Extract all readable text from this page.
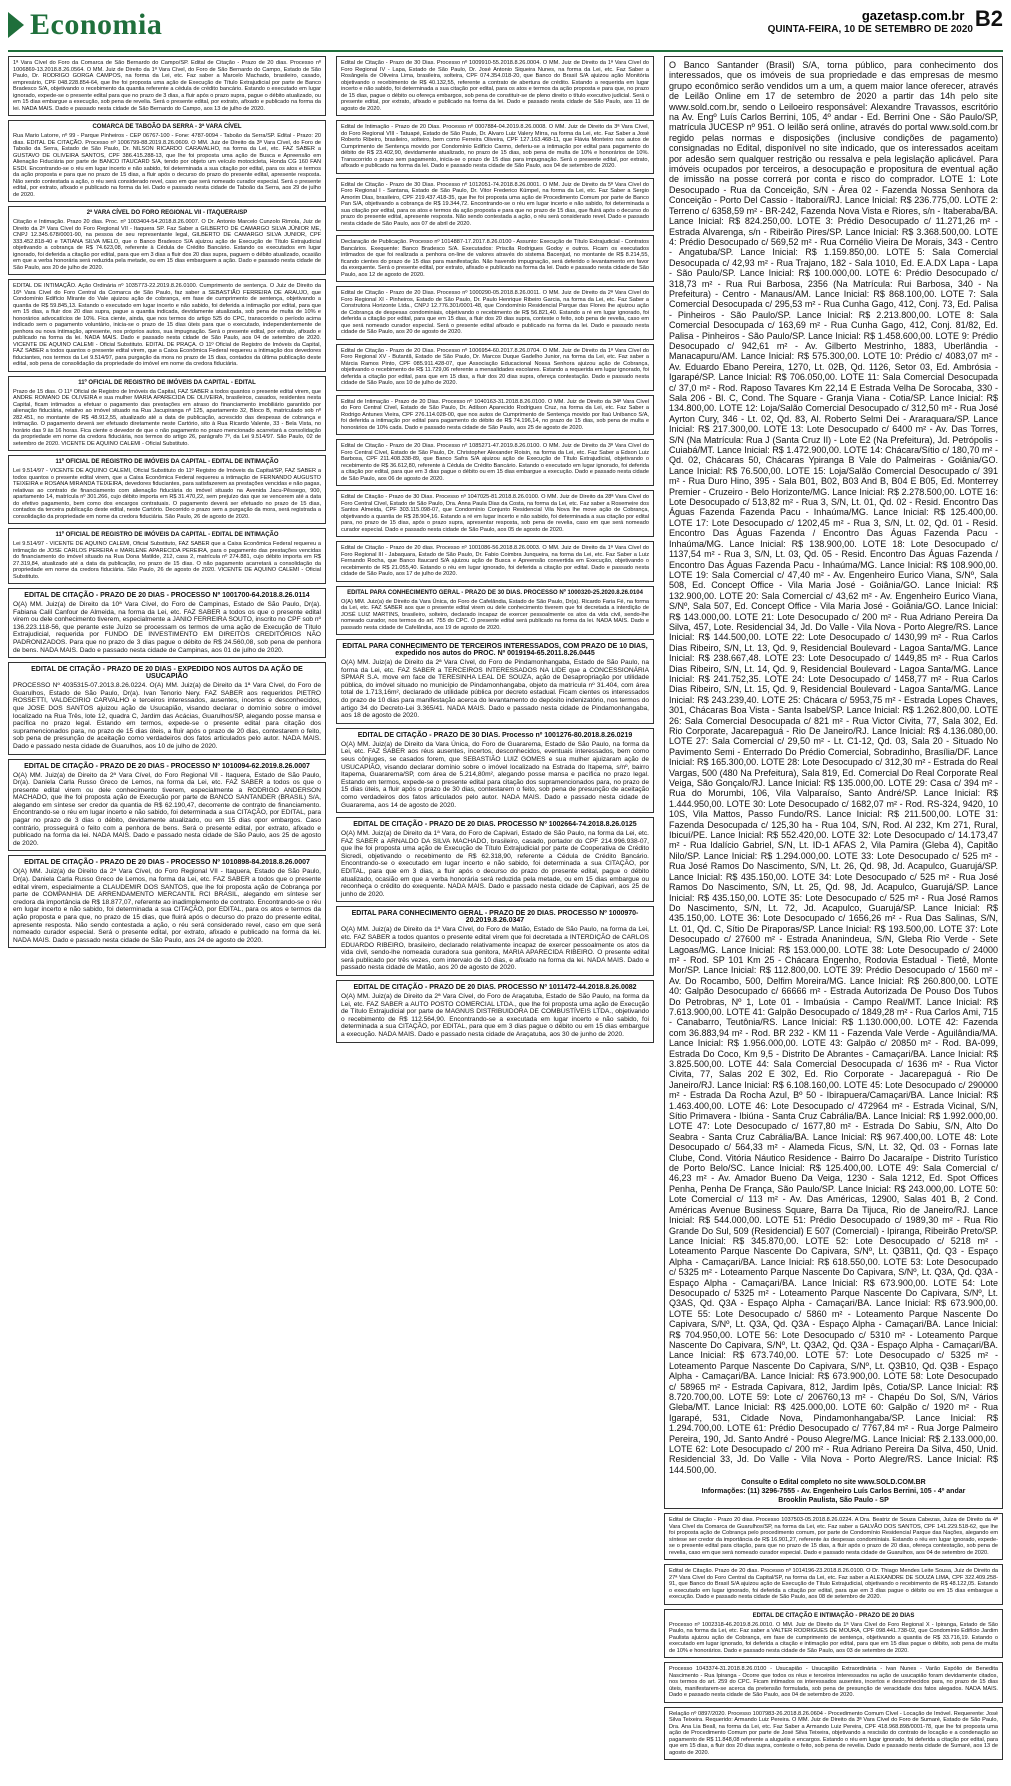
Economia	gazetasp.com.br B2
QUINTA-FEIRA, 10 DE SETEMBRO DE 2020

1ª Vara Cível do Foro da Comarca de São Bernardo do Campo/SP. Edital de Citação - Prazo de 20 dias. Processo nº 1006869-13.2018.8.26.0564. O MM. Juiz de Direito da 1ª Vara Cível, do Foro de São Bernardo do Campo, Estado de São Paulo, Dr. RODRIGO GORGA CAMPOS, na forma da Lei, etc. Faz saber a Marcelo Machado, brasileiro, casado, empresário, CPF 048.228.854-64, que lhe foi proposta uma ação de Execução de Título Extrajudicial por parte de Banco Bradesco S/A, objetivando o recebimento da quantia referente a cédula de crédito bancário. Estando o executado em lugar ignorado, expede-se o presente edital para que no prazo de 3 dias, a fluir após o prazo supra, pague o débito atualizado, ou em 15 dias embargue a execução, sob pena de revelia. Será o presente edital, por extrato, afixado e publicado na forma da lei. NADA MAIS. Dado e passado nesta cidade de São Bernardo do Campo, aos 13 de julho de 2020.

COMARCA DE TABOÃO DA SERRA - 3ª VARA CÍVEL

Rua Mario Latorre, nº 99 - Parque Pinheiros - CEP 06767-100 - Fone: 4787-9094 - Taboão da Serra/SP. Edital - Prazo: 20 dias. EDITAL DE CITAÇÃO. Processo nº 1006799-88.2019.8.26.0609. O MM. Juiz de Direito da 3ª Vara Cível, do Foro de Taboão da Serra, Estado de São Paulo, Dr. NILSON RICARDO CARAVALHO, na forma da Lei, etc. FAZ SABER a GUSTAVO DE OLIVEIRA SANTOS, CPF 386.415.288-13, que lhe foi proposta uma ação de Busca e Apreensão em Alienação Fiduciária por parte de BANCO ITAUCARD S/A, tendo por objeto um veículo motocicleta, Honda CG 160 FAN ESDI. Encontrando-se o réu em lugar incerto e não sabido, foi determinada a sua citação por edital, para os atos e termos da ação proposta e para que no prazo de 15 dias, a fluir após o decurso do prazo do presente edital, apresente resposta. Não sendo contestada a ação, o réu será considerado revel, caso em que será nomeado curador especial. Será o presente edital, por extrato, afixado e publicado na forma da lei. Dado e passado nesta cidade de Taboão da Serra, aos 29 de julho de 2020.

2ª VARA CÍVEL DO FORO REGIONAL VII - ITAQUERA/SP

Citação e Intimação. Prazo 20 dias. Proc. nº 1003404-54.2018.8.26.0007. O Dr. Antonio Marcelo Cunzolo Rimola, Juiz de Direito da 2ª Vara Cível do Foro Regional VII - Itaquera SP. Faz Saber a GILBERTO DE CAMARGO SILVA JÚNIOR ME, CNPJ 12.345.678/0001-90, na pessoa de seu representante legal, GILBERTO DE CAMARGO SILVA JUNIOR, CPF 333.452.818-40 e TATIANA SILVA MELO, que o Banco Bradesco S/A ajuizou ação de Execução de Título Extrajudicial objetivando a cobrança de R$ 74.623,08, referente à Cédula de Crédito Bancário. Estando os executados em lugar ignorado, foi deferida a citação por edital, para que em 3 dias a fluir dos 20 dias supra, paguem o débito atualizado, ocasião em que a verba honorária será reduzida pela metade, ou em 15 dias embarguem a ação. Dado e passado nesta cidade de São Paulo, aos 20 de julho de 2020.

EDITAL DE INTIMAÇÃO. Ação Ordinária nº 1035773-22.2019.8.26.0100. Cumprimento de sentença. O Juiz de Direito da 16ª Vara Cível do Foro Central da Comarca de São Paulo, faz saber a SEBASTIÃO FERREIRA DE ARAUJO, que Condomínio Edifício Mirante do Vale ajuizou ação de cobrança, em fase de cumprimento de sentença, objetivando a quantia de R$ 59.845,13. Estando o executado em lugar incerto e não sabido, foi deferida a intimação por edital, para que em 15 dias, a fluir dos 20 dias supra, pague a quantia indicada, devidamente atualizada, sob pena de multa de 10% e honorários advocatícios de 10%. Fica ciente, ainda, que nos termos do artigo 525 do CPC, transcorrido o período acima indicado sem o pagamento voluntário, inicia-se o prazo de 15 dias úteis para que o executado, independentemente de penhora ou nova intimação, apresente, nos próprios autos, sua impugnação. Será o presente edital, por extrato, afixado e publicado na forma da lei. NADA MAIS. Dado e passado nesta cidade de São Paulo, aos 04 de setembro de 2020. VICENTE DE AQUINO CALEMI - Oficial Substituto. EDITAL DE PRAÇA. O 11º Oficial de Registro de Imóveis da Capital, FAZ SABER a todos quantos o presente edital virem, que a Caixa Econômica Federal requereu a intimação dos devedores fiduciantes, nos termos da Lei 9.514/97, para purgação da mora no prazo de 15 dias, contados da última publicação deste edital, sob pena de consolidação da propriedade do imóvel em nome da credora fiduciária.

11º OFICIAL DE REGISTRO DE IMÓVEIS DA CAPITAL - EDITAL

Prazo de 15 dias. O 11º Oficial de Registro de Imóveis da Capital, FAZ SABER a todos quantos o presente edital virem, que ANDRE ROMANO DE OLIVEIRA e sua mulher MARIA APARECIDA DE OLIVEIRA, brasileiros, casados, residentes nesta Capital, ficam intimados a efetuar o pagamento das prestações em atraso do financiamento imobiliário garantido por alienação fiduciária, relativo ao imóvel situado na Rua Jacupiranga nº 125, apartamento 32, Bloco B, matriculado sob nº 282.451, no montante de R$ 48.912,55, atualizado até a data de publicação, acrescido das despesas de cobrança e intimação. O pagamento deverá ser efetuado diretamente neste Cartório, sito à Rua Ricardo Valente, 33 - Bela Vista, no horário das 9 às 16 horas. Fica ciente o devedor de que o não pagamento no prazo mencionado acarretará a consolidação da propriedade em nome da credora fiduciária, nos termos do artigo 26, parágrafo 7º, da Lei 9.514/97. São Paulo, 02 de setembro de 2020. VICENTE DE AQUINO CALEMI - Oficial Substituto.

11º OFICIAL DE REGISTRO DE IMÓVEIS DA CAPITAL - EDITAL DE INTIMAÇÃO

Lei 9.514/97 - VICENTE DE AQUINO CALEMI, Oficial Substituto do 11º Registro de Imóveis da Capital/SP, FAZ SABER a todos quantos o presente edital virem, que a Caixa Econômica Federal requereu a intimação de FERNANDO AUGUSTO TEIXEIRA e ROSANA MIRANDA TEIXEIRA, devedores fiduciantes, para satisfazerem as prestações vencidas e não pagas, relativas ao contrato de financiamento com alienação fiduciária do imóvel situado na Avenida Jacu-Pêssego, 900, apartamento 14, matrícula nº 301.266, cujo débito importa em R$ 31.470,22, sem prejuízo das que se vencerem até a data do efetivo pagamento, bem como dos encargos contratuais. O pagamento deverá ser efetuado no prazo de 15 dias, contados da terceira publicação deste edital, neste Cartório. Decorrido o prazo sem a purgação da mora, será registrada a consolidação da propriedade em nome da credora fiduciária. São Paulo, 26 de agosto de 2020.

11º OFICIAL DE REGISTRO DE IMÓVEIS DA CAPITAL - EDITAL DE INTIMAÇÃO

Lei 9.514/97 - VICENTE DE AQUINO CALEMI, Oficial Substituto, FAZ SABER que a Caixa Econômica Federal requereu a intimação de JOSE CARLOS PEREIRA e MARLENE APARECIDA PEREIRA, para o pagamento das prestações vencidas do financiamento do imóvel situado na Rua Dona Matilde, 212, casa 2, matrícula nº 274.881, cujo débito importa em R$ 27.319,84, atualizado até a data da publicação, no prazo de 15 dias. O não pagamento acarretará a consolidação da propriedade em nome da credora fiduciária. São Paulo, 26 de agosto de 2020. VICENTE DE AQUINO CALEMI - Oficial Substituto.

EDITAL DE CITAÇÃO - PRAZO DE 20 DIAS - PROCESSO Nº 1001700-64.2018.8.26.0114

O(A) MM. Juiz(a) de Direito da 10ª Vara Cível, do Foro de Campinas, Estado de São Paulo, Dr(a). Fabiana Calil Canfour de Almeida, na forma da Lei, etc. FAZ SABER a todos os que o presente edital virem ou dele conhecimento tiverem, especialmente a JANIO FERREIRA SOUTO, inscrito no CPF sob nº 136.223.118-56, que perante este Juízo se processam os termos de uma ação de Execução de Título Extrajudicial, requerida por FUNDO DE INVESTIMENTO EM DIREITOS CREDITÓRIOS NÃO PADRONIZADOS. Para que no prazo de 3 dias pague o débito de R$ 24.560,08, sob pena de penhora de bens. NADA MAIS. Dado e passado nesta cidade de Campinas, aos 01 de julho de 2020.

EDITAL DE CITAÇÃO - PRAZO DE 20 DIAS - EXPEDIDO NOS AUTOS DA AÇÃO DE USUCAPIÃO

PROCESSO Nº 4035315-07.2013.8.26.0224. O(A) MM. Juiz(a) de Direito da 1ª Vara Cível, do Foro de Guarulhos, Estado de São Paulo, Dr(a). Ivan Tenorio Nery. FAZ SABER aos requeridos PIETRO ROSSETTI, VALDECIRIO CARVALHO e terceiros interessados, ausentes, incertos e desconhecidos, que JOSE DOS SANTOS ajuizou ação de Usucapião, visando declarar o domínio sobre o imóvel localizado na Rua Três, lote 12, quadra C, Jardim das Acácias, Guarulhos/SP, alegando posse mansa e pacífica no prazo legal. Estando em termos, expede-se o presente edital para citação dos supramencionados para, no prazo de 15 dias úteis, a fluir após o prazo de 20 dias, contestarem o feito, sob pena de presunção de aceitação como verdadeiros dos fatos articulados pelo autor. NADA MAIS. Dado e passado nesta cidade de Guarulhos, aos 10 de julho de 2020.

EDITAL DE CITAÇÃO - PRAZO DE 20 DIAS - PROCESSO Nº 1010094-62.2019.8.26.0007

O(A) MM. Juiz(a) de Direito da 2ª Vara Cível, do Foro Regional VII - Itaquera, Estado de São Paulo, Dr(a). Daniela Carla Russo Greco de Lemos, na forma da Lei, etc. FAZ SABER a todos os que o presente edital virem ou dele conhecimento tiverem, especialmente a RODRIGO ANDERSON MACHADO, que lhe foi proposta ação de Execução por parte de BANCO SANTANDER (BRASIL) S/A, alegando em síntese ser credor da quantia de R$ 62.190,47, decorrente de contrato de financiamento. Encontrando-se o réu em lugar incerto e não sabido, foi determinada a sua CITAÇÃO, por EDITAL, para pagar no prazo de 3 dias o débito, devidamente atualizado, ou em 15 dias opor embargos. Caso contrário, prosseguirá o feito com a penhora de bens. Será o presente edital, por extrato, afixado e publicado na forma da lei. NADA MAIS. Dado e passado nesta cidade de São Paulo, aos 25 de agosto de 2020.

EDITAL DE CITAÇÃO - PRAZO DE 20 DIAS - PROCESSO Nº 1010898-84.2018.8.26.0007

O(A) MM. Juiz(a) de Direito da 2ª Vara Cível, do Foro Regional VII - Itaquera, Estado de São Paulo, Dr(a). Daniela Carla Russo Greco de Lemos, na forma da Lei, etc. FAZ SABER a todos que o presente edital virem, especialmente a CLAUDEMIR DOS SANTOS, que lhe foi proposta ação de Cobrança por parte de COMPANHIA DE ARRENDAMENTO MERCANTIL RCI BRASIL, alegando em síntese ser credora da importância de R$ 18.877,07, referente ao inadimplemento de contrato. Encontrando-se o réu em lugar incerto e não sabido, foi determinada a sua CITAÇÃO, por EDITAL, para os atos e termos da ação proposta e para que, no prazo de 15 dias, que fluirá após o decurso do prazo do presente edital, apresente resposta. Não sendo contestada a ação, o réu será considerado revel, caso em que será nomeado curador especial. Será o presente edital, por extrato, afixado e publicado na forma da lei. NADA MAIS. Dado e passado nesta cidade de São Paulo, aos 24 de agosto de 2020.

Edital de Citação - Prazo de 30 Dias. Processo nº 1009910-55.2018.8.26.0004. O MM. Juiz de Direito da 1ª Vara Cível do Foro Regional IV - Lapa, Estado de São Paulo, Dr. José Antonio Siqueira Nunes, na forma da Lei, etc. Faz Saber a Rosângela de Oliveira Lima, brasileira, solteira, CPF 074.354.018-20, que Banco do Brasil S/A ajuizou ação Monitória objetivando o recebimento de R$ 40.132,55, referente a contrato de abertura de crédito. Estando a requerida em lugar incerto e não sabido, foi determinada a sua citação por edital, para os atos e termos da ação proposta e para que, no prazo de 15 dias, pague o débito ou ofereça embargos, sob pena de constituir-se de pleno direito o título executivo judicial. Será o presente edital, por extrato, afixado e publicado na forma da lei. Dado e passado nesta cidade de São Paulo, aos 11 de agosto de 2020.

Edital de Intimação - Prazo de 20 Dias. Processo nº 0007884-04.2019.8.26.0008. O MM. Juiz de Direito da 3ª Vara Cível, do Foro Regional VIII - Tatuapé, Estado de São Paulo, Dr. Alvaro Luiz Valery Mirra, na forma da Lei, etc. Faz Saber a José Roberto Ribeiro, brasileiro, solteiro, bem como Ferreira Oliveira, CPF 127.163.468-11, que Flávia Monteiro nos autos de Cumprimento de Sentença movido por Condomínio Edifício Carmo, deferiu-se a intimação por edital para pagamento do débito de R$ 23.402,90, devidamente atualizado, no prazo de 15 dias, sob pena de multa de 10% e honorários de 10%. Transcorrido o prazo sem pagamento, inicia-se o prazo de 15 dias para impugnação. Será o presente edital, por extrato, afixado e publicado na forma da lei. Dado e passado nesta cidade de São Paulo, aos 04 de setembro de 2020.

Edital de Citação - Prazo de 30 Dias. Processo nº 1012051-74.2018.8.26.0001. O MM. Juiz de Direito da 5ª Vara Cível do Foro Regional I - Santana, Estado de São Paulo, Dr. Vitor Frederico Kümpel, na forma da Lei, etc. Faz Saber a Sergio Amorim Dias, brasileiro, CPF 219.437.418-35, que lhe foi proposta uma ação de Procedimento Comum por parte de Banco Pan S/A, objetivando a cobrança de R$ 19.344,72. Encontrando-se o réu em lugar incerto e não sabido, foi determinada a sua citação por edital, para os atos e termos da ação proposta e para que no prazo de 15 dias, que fluirá após o decurso do prazo do presente edital, apresente resposta. Não sendo contestada a ação, o réu será considerado revel. Dado e passado nesta cidade de São Paulo, aos 07 de abril de 2020.

Declaração de Publicação. Processo nº 1014887-17.2017.8.26.0100 - Assunto: Execução de Título Extrajudicial - Contratos Bancários. Exequente: Banco Bradesco S/A. Executados: Priscila Rodrigues Godoy e outros. Ficam os executados intimados de que foi realizada a penhora on-line de valores através do sistema Bacenjud, no montante de R$ 8.214,55, ficando cientes do prazo de 15 dias para manifestação. Não havendo impugnação, será deferido o levantamento em favor da exequente. Será o presente edital, por extrato, afixado e publicado na forma da lei. Dado e passado nesta cidade de São Paulo, aos 12 de agosto de 2020.

Edital de Citação - Prazo de 20 Dias. Processo nº 1000290-05.2018.8.26.0011. O MM. Juiz de Direito da 2ª Vara Cível do Foro Regional XI - Pinheiros, Estado de São Paulo, Dr. Paulo Henrique Ribeiro Garcia, na forma da Lei, etc. Faz Saber a Construtora Horizonte Ltda., CNPJ 12.776.301/0001-48, que Condomínio Residencial Parque das Flores lhe ajuizou ação de Cobrança de despesas condominiais, objetivando o recebimento de R$ 56.821,40. Estando a ré em lugar ignorado, foi deferida a citação por edital, para que em 15 dias, a fluir dos 20 dias supra, conteste o feito, sob pena de revelia, caso em que será nomeado curador especial. Será o presente edital afixado e publicado na forma da lei. Dado e passado nesta cidade de São Paulo, aos 20 de agosto de 2020.

Edital de Citação - Prazo de 20 Dias. Processo nº 1006954-60.2017.8.26.0704. O MM. Juiz de Direito da 1ª Vara Cível do Foro Regional XV - Butantã, Estado de São Paulo, Dr. Marcos Duque Gadelho Junior, na forma da Lei, etc. Faz saber a Márcia Ramos Pinto, CPF 085.911.428-07, que Associação Educacional Nossa Senhora ajuizou ação de Cobrança, objetivando o recebimento de R$ 11.729,06 referente a mensalidades escolares. Estando a requerida em lugar ignorado, foi deferida a citação por edital, para que em 15 dias, a fluir dos 20 dias supra, ofereça contestação. Dado e passado nesta cidade de São Paulo, aos 10 de julho de 2020.

Edital de Intimação - Prazo de 20 Dias. Processo nº 1040163-31.2018.8.26.0100. O MM. Juiz de Direito da 34ª Vara Cível do Foro Central Cível, Estado de São Paulo, Dr. Adilson Aparecido Rodrigues Cruz, na forma da Lei, etc. Faz Saber a Rodrigo Antunes Vieira, CPF 276.114.028-00, que nos autos de Cumprimento de Sentença movido por Itaú Unibanco S/A, foi deferida a intimação por edital para pagamento do débito de R$ 74.196,14, no prazo de 15 dias, sob pena de multa e honorários de 10% cada. Dado e passado nesta cidade de São Paulo, aos 25 de agosto de 2020.

Edital de Citação - Prazo de 20 Dias. Processo nº 1085271-47.2019.8.26.0100. O MM. Juiz de Direito da 3ª Vara Cível do Foro Central Cível, Estado de São Paulo, Dr. Christopher Alexander Roisin, na forma da Lei, etc. Faz Saber a Edson Luiz Barbosa, CPF 211.408.338-89, que Banco Safra S/A ajuizou ação de Execução de Título Extrajudicial, objetivando o recebimento de R$ 36.612,80, referente à Cédula de Crédito Bancário. Estando o executado em lugar ignorado, foi deferida a citação por edital, para que em 3 dias pague o débito ou em 15 dias embargue a execução. Dado e passado nesta cidade de São Paulo, aos 06 de agosto de 2020.

Edital de Citação - Prazo de 30 Dias. Processo nº 1047025-81.2018.8.26.0100. O MM. Juiz de Direito da 28ª Vara Cível do Foro Central Cível, Estado de São Paulo, Dra. Anna Paula Dias da Costa, na forma da Lei, etc. Faz saber a Rosemeire dos Santos Almeida, CPF 303.115.098-07, que Condomínio Conjunto Residencial Vila Nova lhe move ação de Cobrança, objetivando a quantia de R$ 28.904,16. Estando a ré em lugar incerto e não sabido, foi determinada a sua citação por edital para, no prazo de 15 dias, após o prazo supra, apresentar resposta, sob pena de revelia, caso em que será nomeado curador especial. Dado e passado nesta cidade de São Paulo, aos 05 de agosto de 2020.

Edital de Citação - Prazo de 20 dias. Processo nº 1001086-56.2018.8.26.0003. O MM. Juiz de Direito da 1ª Vara Cível do Foro Regional III - Jabaquara, Estado de São Paulo, Dr. Fabio Coimbra Junqueira, na forma da Lei, etc. Faz Saber a Luiz Fernando Rocha, que Banco Itaucard S/A ajuizou ação de Busca e Apreensão convertida em Execução, objetivando o recebimento de R$ 21.055,40. Estando o réu em lugar ignorado, foi deferida a citação por edital. Dado e passado nesta cidade de São Paulo, aos 17 de julho de 2020.

EDITAL PARA CONHECIMENTO GERAL - PRAZO DE 30 DIAS. PROCESSO Nº 1000320-25.2020.8.26.0104

O(A) MM. Juiz(a) de Direito da Vara Única, do Foro de Cafelândia, Estado de São Paulo, Dr(a). Ricardo Faria Fé, na forma da Lei, etc. FAZ SABER aos que o presente edital virem ou dele conhecimento tiverem que foi decretada a interdição de JOSÉ LUIZ MARTINS, brasileiro, solteiro, declarado incapaz de exercer pessoalmente os atos da vida civil, sendo-lhe nomeado curador, nos termos do art. 755 do CPC. O presente edital será publicado na forma da lei. NADA MAIS. Dado e passado nesta cidade de Cafelândia, aos 19 de agosto de 2020.

EDITAL PARA CONHECIMENTO DE TERCEIROS INTERESSADOS, COM PRAZO DE 10 DIAS, expedido nos autos do PROC. Nº 0019194-65.2011.8.26.0445

O(A) MM. Juiz(a) de Direito da 2ª Vara Cível, do Foro de Pindamonhangaba, Estado de São Paulo, na forma da Lei, etc. FAZ SABER a TERCEIROS INTERESSADOS NA LIDE que a CONCESSIONÁRIA SPMAR S.A. move em face de TERESINHA LEAL DE SOUZA, ação de Desapropriação por utilidade pública, do imóvel situado no município de Pindamonhangaba, objeto da matrícula nº 31.404, com área total de 1.713,16m², declarado de utilidade pública por decreto estadual. Ficam cientes os interessados do prazo de 10 dias para manifestação acerca do levantamento do depósito indenizatório, nos termos do artigo 34 do Decreto-Lei 3.365/41. NADA MAIS. Dado e passado nesta cidade de Pindamonhangaba, aos 18 de agosto de 2020.

EDITAL DE CITAÇÃO - PRAZO DE 30 DIAS. Processo nº 1001276-80.2018.8.26.0219

O(A) MM. Juiz(a) de Direito da Vara Única, do Foro de Guararema, Estado de São Paulo, na forma da Lei, etc. FAZ SABER aos réus ausentes, incertos, desconhecidos, eventuais interessados, bem como seus cônjuges, se casados forem, que SEBASTIÃO LUIZ GOMES e sua mulher ajuizaram ação de USUCAPIÃO, visando declarar domínio sobre o imóvel localizado na Estrada do Itapema, s/nº, bairro Itapema, Guararema/SP, com área de 5.214,80m², alegando posse mansa e pacífica no prazo legal. Estando em termos, expede-se o presente edital para citação dos supramencionados para, no prazo de 15 dias úteis, a fluir após o prazo de 30 dias, contestarem o feito, sob pena de presunção de aceitação como verdadeiros dos fatos articulados pelo autor. NADA MAIS. Dado e passado nesta cidade de Guararema, aos 14 de agosto de 2020.

EDITAL DE CITAÇÃO - PRAZO DE 20 DIAS. PROCESSO Nº 1002664-74.2018.8.26.0125

O(A) MM. Juiz(a) de Direito da 1ª Vara, do Foro de Capivari, Estado de São Paulo, na forma da Lei, etc. FAZ SABER a ARNALDO DA SILVA MACHADO, brasileiro, casado, portador do CPF 214.996.938-07, que lhe foi proposta uma ação de Execução de Título Extrajudicial por parte de Cooperativa de Crédito Sicredi, objetivando o recebimento de R$ 62.318,90, referente a Cédula de Crédito Bancário. Encontrando-se o executado em lugar incerto e não sabido, foi determinada a sua CITAÇÃO, por EDITAL, para que em 3 dias, a fluir após o decurso do prazo do presente edital, pague o débito atualizado, ocasião em que a verba honorária será reduzida pela metade, ou em 15 dias embargue ou reconheça o crédito do exequente. NADA MAIS. Dado e passado nesta cidade de Capivari, aos 25 de junho de 2020.

EDITAL PARA CONHECIMENTO GERAL - PRAZO DE 20 DIAS. PROCESSO Nº 1000970-20.2019.8.26.0347

O(A) MM. Juiz(a) de Direito da 1ª Vara Cível, do Foro de Matão, Estado de São Paulo, na forma da Lei, etc. FAZ SABER a todos quantos o presente edital virem que foi decretada a INTERDIÇÃO de CARLOS EDUARDO RIBEIRO, brasileiro, declarado relativamente incapaz de exercer pessoalmente os atos da vida civil, sendo-lhe nomeada curadora sua genitora, MARIA APARECIDA RIBEIRO. O presente edital será publicado por três vezes, com intervalo de 10 dias, e afixado na forma da lei. NADA MAIS. Dado e passado nesta cidade de Matão, aos 20 de agosto de 2020.

EDITAL DE CITAÇÃO - PRAZO DE 20 DIAS. PROCESSO Nº 1011472-44.2018.8.26.0082

O(A) MM. Juiz(a) de Direito da 2ª Vara Cível, do Foro de Araçatuba, Estado de São Paulo, na forma da Lei, etc. FAZ SABER a AUTO POSTO COMERCIAL LTDA., que lhe foi proposta uma ação de Execução de Título Extrajudicial por parte de MAGNUS DISTRIBUIDORA DE COMBUSTÍVEIS LTDA., objetivando o recebimento de R$ 112.564,90. Encontrando-se a executada em lugar incerto e não sabido, foi determinada a sua CITAÇÃO, por EDITAL, para que em 3 dias pague o débito ou em 15 dias embargue a execução. NADA MAIS. Dado e passado nesta cidade de Araçatuba, aos 30 de junho de 2020.

O Banco Santander (Brasil) S/A, torna público, para conhecimento dos interessados, que os imóveis de sua propriedade e das empresas de mesmo grupo econômico serão vendidos um a um, a quem maior lance oferecer, através de Leilão Online em 17 de setembro de 2020 a partir das 14h pelo site www.sold.com.br, sendo o Leiloeiro responsável: Alexandre Travassos, escritório na Av. Engº Luís Carlos Berrini, 105, 4º andar - Ed. Berrini One - São Paulo/SP, matrícula JUCESP nº 951. O leilão será online, através do portal www.sold.com.br regido pelas normas e disposições (inclusive condições de pagamento) consignadas no Edital, disponível no site indicado, que os interessados aceitam por adesão sem qualquer restrição ou ressalva e pela legislação aplicável. Para imóveis ocupados por terceiros, a desocupação e propositura de eventual ação de imissão na posse correrá por conta e risco do comprador. LOTE 1: Lote Desocupado - Rua da Conceição, S/N - Área 02 - Fazenda Nossa Senhora da Conceição - Porto Del Cassio - Itaboraí/RJ. Lance Inicial: R$ 236.775,00. LOTE 2: Terreno c/ 6358,59 m² - BR-242, Fazenda Nova Vista e Riores, s/n - Itaberaba/BA. Lance Inicial: R$ 824.250,00. LOTE 3: Prédio Desocupado c/ 11.271,26 m² - Estrada Alvarenga, s/n - Ribeirão Pires/SP. Lance Inicial: R$ 3.368.500,00. LOTE 4: Prédio Desocupado c/ 569,52 m² - Rua Cornélio Vieira De Morais, 343 - Centro - Angatuba/SP. Lance Inicial: R$ 1.159.850,00. LOTE 5: Sala Comercial Desocupada c/ 42,93 m² - Rua Trajano, 182 - Sala 1010, Ed. E.A.DX Lapa - Lapa - São Paulo/SP. Lance Inicial: R$ 100.000,00. LOTE 6: Prédio Desocupado c/ 318,73 m² - Rua Rui Barbosa, 2356 (Na Matrícula: Rui Barbosa, 340 - Na Prefeitura) - Centro - Manaus/AM. Lance Inicial: R$ 868.100,00. LOTE 7: Sala Comercial Desocupada c/ 295,53 m² - Rua Cunha Gago, 412, Conj. 73, Ed. Palisa - Pinheiros - São Paulo/SP. Lance Inicial: R$ 2.213.800,00. LOTE 8: Sala Comercial Desocupada c/ 163,69 m² - Rua Cunha Gago, 412, Conj. 81/82, Ed. Palisa - Pinheiros - São Paulo/SP. Lance Inicial: R$ 1.458.600,00. LOTE 9: Prédio Desocupado c/ 942,61 m² - Av. Gilberto Mestrinho, 1883, Uberlândia - Manacapuru/AM. Lance Inicial: R$ 575.300,00. LOTE 10: Prédio c/ 4083,07 m² - Av. Eduardo Ebano Pereira, 1270, Lt. 02B, Qd. 1126, Setor 03, Ed. Ambrósia - Igarapé/SP. Lance Inicial: R$ 706.050,00. LOTE 11: Sala Comercial Desocupada c/ 37,0 m² - Rod. Raposo Tavares Km 22,14 E Estrada Velha De Sorocaba, 330 - Sala 206 - Bl. C, Cond. The Square - Granja Viana - Cotia/SP. Lance Inicial: R$ 134.800,00. LOTE 12: Loja/Salão Comercial Desocupado c/ 312,50 m² - Rua José Ayrton Cury, 346 - Lt. 02, Qd. 83, Al. Roberto Selmi Dei - Araraquara/SP. Lance Inicial: R$ 217.300,00. LOTE 13: Lote Desocupado c/ 6400 m² - Av. Das Torres, S/N (Na Matrícula: Rua J (Santa Cruz II) - Lote E2 (Na Prefeitura), Jd. Petrópolis - Cuiabá/MT. Lance Inicial: R$ 1.472.900,00. LOTE 14: Chácara/Sítio c/ 180,70 m² - Qd. 02, Chácaras 50, Chácaras Ypiranga B Vale do Palmeiras - Goiânia/GO. Lance Inicial: R$ 76.500,00. LOTE 15: Loja/Salão Comercial Desocupado c/ 391 m² - Rua Duro Hino, 395 - Sala B01, B02, B03 And B, B04 E B05, Ed. Monterrey Premier - Cruzeiro - Belo Horizonte/MG. Lance Inicial: R$ 2.278.500,00. LOTE 16: Lote Desocupado c/ 513,82 m² - Rua 3, S/N, Lt. 01, Qd. 02 - Resid. Encontro Das Águas Fazenda Fazenda Pacu - Inhaúma/MG. Lance Inicial: R$ 125.400,00. LOTE 17: Lote Desocupado c/ 1202,45 m² - Rua 3, S/N, Lt. 02, Qd. 01 - Resid. Encontro Das Águas Fazenda / Encontro Das Águas Fazenda Pacu - Inhaúma/MG. Lance Inicial: R$ 138.900,00. LOTE 18: Lote Desocupado c/ 1137,54 m² - Rua 3, S/N, Lt. 03, Qd. 05 - Resid. Encontro Das Águas Fazenda / Encontro Das Águas Fazenda Pacu - Inhaúma/MG. Lance Inicial: R$ 108.900,00. LOTE 19: Sala Comercial c/ 47,40 m² - Av. Engenheiro Eurico Viana, S/Nº, Sala 508, Ed. Concept Office - Vila Maria José - Goiânia/GO. Lance Inicial: R$ 132.900,00. LOTE 20: Sala Comercial c/ 43,62 m² - Av. Engenheiro Eurico Viana, S/Nº, Sala 507, Ed. Concept Office - Vila Maria José - Goiânia/GO. Lance Inicial: R$ 143.000,00. LOTE 21: Lote Desocupado c/ 200 m² - Rua Adriano Pereira Da Silva, 457, Lote. Residencial 34, Jd. Do Valle - Vila Nova - Porto Alegre/RS. Lance Inicial: R$ 144.500,00. LOTE 22: Lote Desocupado c/ 1430,99 m² - Rua Carlos Dias Ribeiro, S/N, Lt. 13, Qd. 9, Residencial Boulevard - Lagoa Santa/MG. Lance Inicial: R$ 238.667,48. LOTE 23: Lote Desocupado c/ 1449,85 m² - Rua Carlos Dias Ribeiro, S/N, Lt. 14, Qd. 9, Residencial Boulevard - Lagoa Santa/MG. Lance Inicial: R$ 241.752,35. LOTE 24: Lote Desocupado c/ 1458,77 m² - Rua Carlos Dias Ribeiro, S/N, Lt. 15, Qd. 9, Residencial Boulevard - Lagoa Santa/MG. Lance Inicial: R$ 243.239,40. LOTE 25: Chácara c/ 5953,75 m² - Estrada Lopes Chaves, 301, Chácaras Boa Vista - Santa Isabel/SP. Lance Inicial: R$ 1.262.800,00. LOTE 26: Sala Comercial Desocupada c/ 821 m² - Rua Victor Civita, 77, Sala 302, Ed. Rio Corporate, Jacarepaguá - Rio De Janeiro/RJ. Lance Inicial: R$ 4.136.080,00. LOTE 27: Sala Comercial c/ 29,50 m² - Lt. C1-12, Qd. 03, Sala 20 - Situado No Pavimento Semi - Enterrado Do Prédio Comercial, Sobradinho, Brasília/DF. Lance Inicial: R$ 165.300,00. LOTE 28: Lote Desocupado c/ 312,30 m² - Estrada do Real Vargas, 500 (480 Na Prefeitura), Sala 819, Ed. Comercial Do Real Corporate Real Veiga, São Gonçalo/RJ. Lance Inicial: R$ 135.000,00. LOTE 29: Casa c/ 394 m² - Rua do Morumbi, 106, Vila Valparaíso, Santo André/SP. Lance Inicial: R$ 1.444.950,00. LOTE 30: Lote Desocupado c/ 1682,07 m² - Rod. RS-324, 9420, 10 10S, Vila Mattos, Passo Fundo/RS. Lance Inicial: R$ 211.500,00. LOTE 31: Fazenda Desocupada c/ 125,30 ha - Rua 104, S/N, Rod. Al 232, Km 271, Rural, Ibicuí/PE. Lance Inicial: R$ 552.420,00. LOTE 32: Lote Desocupado c/ 14.173,47 m² - Rua Idalício Gabriel, S/N, Lt. ID-1 AFAS 2, Vila Pamira (Gleba 4), Capitão Nilo/SP. Lance Inicial: R$ 1.294.000,00. LOTE 33: Lote Desocupado c/ 525 m² - Rua José Ramos Do Nascimento, S/N, Lt. 26, Qd. 98, Jd. Acapulco, Guarujá/SP. Lance Inicial: R$ 435.150,00. LOTE 34: Lote Desocupado c/ 525 m² - Rua José Ramos Do Nascimento, S/N, Lt. 25, Qd. 98, Jd. Acapulco, Guarujá/SP. Lance Inicial: R$ 435.150,00. LOTE 35: Lote Desocupado c/ 525 m² - Rua José Ramos Do Nascimento, S/N, Lt. 72, Jd. Acapulco, Guarujá/SP. Lance Inicial: R$ 435.150,00. LOTE 36: Lote Desocupado c/ 1656,26 m² - Rua Das Salinas, S/N, Lt. 01, Qd. C, Sítio De Piraporas/SP. Lance Inicial: R$ 193.500,00. LOTE 37: Lote Desocupado c/ 27600 m² - Estrada Ananindeua, S/N, Gleba Rio Verde - Sete Lagoas/MG. Lance Inicial: R$ 153.000,00. LOTE 38: Lote Desocupado c/ 24000 m² - Rod. SP 101 Km 25 - Chácara Engenho, Rodovia Estadual - Tietê, Monte Mor/SP. Lance Inicial: R$ 112.800,00. LOTE 39: Prédio Desocupado c/ 1560 m² - Av. Do Rocambo, 500, Delfim Moreira/MG. Lance Inicial: R$ 260.800,00. LOTE 40: Galpão Desocupado c/ 66666 m² - Estrada Autorizada De Pouso Dos Tubos Do Petrobras, Nº 1, Lote 01 - Imbaúsia - Campo Real/MT. Lance Inicial: R$ 7.613.900,00. LOTE 41: Galpão Desocupado c/ 1849,28 m² - Rua Carlos Ami, 715 - Canabarro, Teutônia/RS. Lance Inicial: R$ 1.130.000,00. LOTE 42: Fazenda com 36.883,94 m² - Rod. BR 232 - KM 11 - Fazenda Vale Verde - Aguilândia/MA. Lance Inicial: R$ 1.956.000,00. LOTE 43: Galpão c/ 20850 m² - Rod. BA-099, Estrada Do Coco, Km 9,5 - Distrito De Abrantes - Camaçari/BA. Lance Inicial: R$ 3.825.500,00. LOTE 44: Sala Comercial Desocupada c/ 1636 m² - Rua Victor Civita, 77, Salas 202 E 302, Ed. Rio Corporate - Jacarepaguá - Rio De Janeiro/RJ. Lance Inicial: R$ 6.108.160,00. LOTE 45: Lote Desocupado c/ 290000 m² - Estrada Da Rocha Azul, Bº 50 - Ibirapuera/Camaçari/BA. Lance Inicial: R$ 1.463.400,00. LOTE 46: Lote Desocupado c/ 472964 m² - Estrada Vicinal, S/N, Sítio Primavera - Ibiúna - Santa Cruz Cabrália/BA. Lance Inicial: R$ 1.992.000,00. LOTE 47: Lote Desocupado c/ 1677,80 m² - Estrada Do Sabiu, S/N, Alto Do Seabra - Santa Cruz Cabrália/BA. Lance Inicial: R$ 967.400,00. LOTE 48: Lote Desocupado c/ 564,33 m² - Alameda Ficus, S/N, Lt. 32, Qd. 03 - Fornas Iate Clube, Cond. Vitória Náutico Residence - Bairro Do Jacaraípe - Distrito Turístico de Porto Belo/SC. Lance Inicial: R$ 125.400,00. LOTE 49: Sala Comercial c/ 46,23 m² - Av. Amador Bueno Da Veiga, 1230 - Sala 1212, Ed. Spot Offices Penha, Penha De França, São Paulo/SP. Lance Inicial: R$ 243.000,00. LOTE 50: Lote Comercial c/ 113 m² - Av. Das Américas, 12900, Salas 401 B, 2 Cond. Américas Avenue Business Square, Barra Da Tijuca, Rio de Janeiro/RJ. Lance Inicial: R$ 544.000,00. LOTE 51: Prédio Desocupado c/ 1989,30 m² - Rua Rio Grande Do Sul, 509 (Residencial) E 507 (Comercial) - Ipiranga, Ribeirão Preto/SP. Lance Inicial: R$ 345.870,00. LOTE 52: Lote Desocupado c/ 5218 m² - Loteamento Parque Nascente Do Capivara, S/Nº, Lt. Q3B11, Qd. Q3 - Espaço Alpha - Camaçari/BA. Lance Inicial: R$ 618.550,00. LOTE 53: Lote Desocupado c/ 5325 m² - Loteamento Parque Nascente Do Capivara, S/Nº, Lt. Q3A, Qd. Q3A - Espaço Alpha - Camaçari/BA. Lance Inicial: R$ 673.900,00. LOTE 54: Lote Desocupado c/ 5325 m² - Loteamento Parque Nascente Do Capivara, S/Nº, Lt. Q3AS, Qd. Q3A - Espaço Alpha - Camaçari/BA. Lance Inicial: R$ 673.900,00. LOTE 55: Lote Desocupado c/ 5860 m² - Loteamento Parque Nascente Do Capivara, S/Nº, Lt. Q3A, Qd. Q3A - Espaço Alpha - Camaçari/BA. Lance Inicial: R$ 704.950,00. LOTE 56: Lote Desocupado c/ 5310 m² - Loteamento Parque Nascente Do Capivara, S/Nº, Lt. Q3A2, Qd. Q3A - Espaço Alpha - Camaçari/BA. Lance Inicial: R$ 673.740,00. LOTE 57: Lote Desocupado c/ 5325 m² - Loteamento Parque Nascente Do Capivara, S/Nº, Lt. Q3B10, Qd. Q3B - Espaço Alpha - Camaçari/BA. Lance Inicial: R$ 673.900,00. LOTE 58: Lote Desocupado c/ 58965 m² - Estrada Capivara, 812, Jardim Ipês, Cotia/SP. Lance Inicial: R$ 8.720.700,00. LOTE 59: Lote c/ 206760,13 m² - Chapéu Do Sol, S/N, Vários Gleba/MT. Lance Inicial: R$ 425.000,00. LOTE 60: Galpão c/ 1920 m² - Rua Igarapé, 531, Cidade Nova, Pindamonhangaba/SP. Lance Inicial: R$ 1.294.700,00. LOTE 61: Prédio Desocupado c/ 7767,84 m² - Rua Jorge Palmeiro Pereira, 190, Jd. Santo André - Pouso Alegre/MG. Lance Inicial: R$ 2.133.000,00. LOTE 62: Lote Desocupado c/ 200 m² - Rua Adriano Pereira Da Silva, 450, Unid. Residencial 33, Jd. Do Valle - Vila Nova - Porto Alegre/RS. Lance Inicial: R$ 144.500,00.

Consulte o Edital completo no site www.SOLD.COM.BR
Informações: (11) 3296-7555 - Av. Engenheiro Luís Carlos Berrini, 105 - 4º andar
Brooklin Paulista, São Paulo - SP

Edital de Citação - Prazo 20 dias. Processo 1037503-05.2018.8.26.0224. A Dra. Beatriz de Souza Cabezas, Juíza de Direito da 4ª Vara Cível da Comarca de Guarulhos/SP, na forma da Lei, etc. Faz saber a GALVÃO DOS SANTOS, CPF 141.229.518-62, que lhe foi proposta ação de Cobrança pelo procedimento comum, por parte de Condomínio Residencial Parque das Nações, alegando em síntese ser credor da importância de R$ 16.901,27, referente às despesas condominiais. Estando o réu em lugar ignorado, expede-se o presente edital para citação, para que no prazo de 15 dias, a fluir após o prazo de 20 dias, ofereça contestação, sob pena de revelia, caso em que será nomeado curador especial. Dado e passado nesta cidade de Guarulhos, aos 04 de setembro de 2020.

Edital de Citação. Prazo de 20 dias. Processo nº 1014196-23.2018.8.26.0100. O Dr. Thiago Mendes Leite Sousa, Juiz de Direito da 27ª Vara Cível do Foro Central da Capital/SP, na forma da Lei, etc. Faz saber a ALEXANDRE DE SOUZA LIMA, CPF 322.409.258-91, que Banco do Brasil S/A ajuizou ação de Execução de Título Extrajudicial, objetivando o recebimento de R$ 48.122,05. Estando o executado em lugar ignorado, foi deferida a citação por edital, para que em 3 dias pague o débito ou em 15 dias embargue a execução. Dado e passado nesta cidade de São Paulo, aos 08 de setembro de 2020.

EDITAL DE CITAÇÃO E INTIMAÇÃO - PRAZO DE 20 DIAS

Processo nº 1002318-46.2019.8.26.0010. O MM. Juiz de Direito da 1ª Vara Cível do Foro Regional X - Ipiranga, Estado de São Paulo, na forma da Lei, etc. Faz saber a VALTER RODRIGUES DE MOURA, CPF 098.441.738-02, que Condomínio Edifício Jardim Paulista ajuizou ação de Cobrança, em fase de cumprimento de sentença, objetivando a quantia de R$ 33.716,19. Estando o executado em lugar ignorado, foi deferida a citação e intimação por edital, para que em 15 dias pague o débito, sob pena de multa de 10% e honorários. Dado e passado nesta cidade de São Paulo, aos 03 de setembro de 2020.

Processo 1043374-31.2018.8.26.0100 - Usucapião - Usucapião Extraordinária - Ivan Nunes - Varão Espólio de Benedita Nascimento - Rua Ipiranga - Ocorre que todos os réus e terceiros interessados na ação de usucapião foram devidamente citados, nos termos do art. 259 do CPC. Ficam intimados os interessados ausentes, incertos e desconhecidos para, no prazo de 15 dias úteis, manifestarem-se acerca da pretensão formulada, sob pena de presunção de veracidade dos fatos alegados. NADA MAIS. Dado e passado nesta cidade de São Paulo, aos 04 de setembro de 2020.

Relação nº 0897/2020. Processo 1007983-26.2018.8.26.0604 - Procedimento Comum Cível - Locação de Imóvel. Requerente: José Silva Teixeira. Requerido: Armando Luiz Pereira. O MM. Juiz de Direito da 3ª Vara Cível do Foro de Sumaré, Estado de São Paulo, Dra. Ana Lia Beall, na forma da Lei, etc. Faz Saber a Armando Luiz Pereira, CPF 418.968.898/0001-78, que lhe foi proposta uma ação de Procedimento Comum por parte de José Silva Teixeira, objetivando a rescisão do contrato de locação e a condenação ao pagamento de R$ 11.848,08 referente a aluguéis e encargos. Estando o réu em lugar ignorado, foi deferida a citação por edital, para que em 15 dias, a fluir dos 20 dias supra, conteste o feito, sob pena de revelia. Dado e passado nesta cidade de Sumaré, aos 13 de agosto de 2020.
